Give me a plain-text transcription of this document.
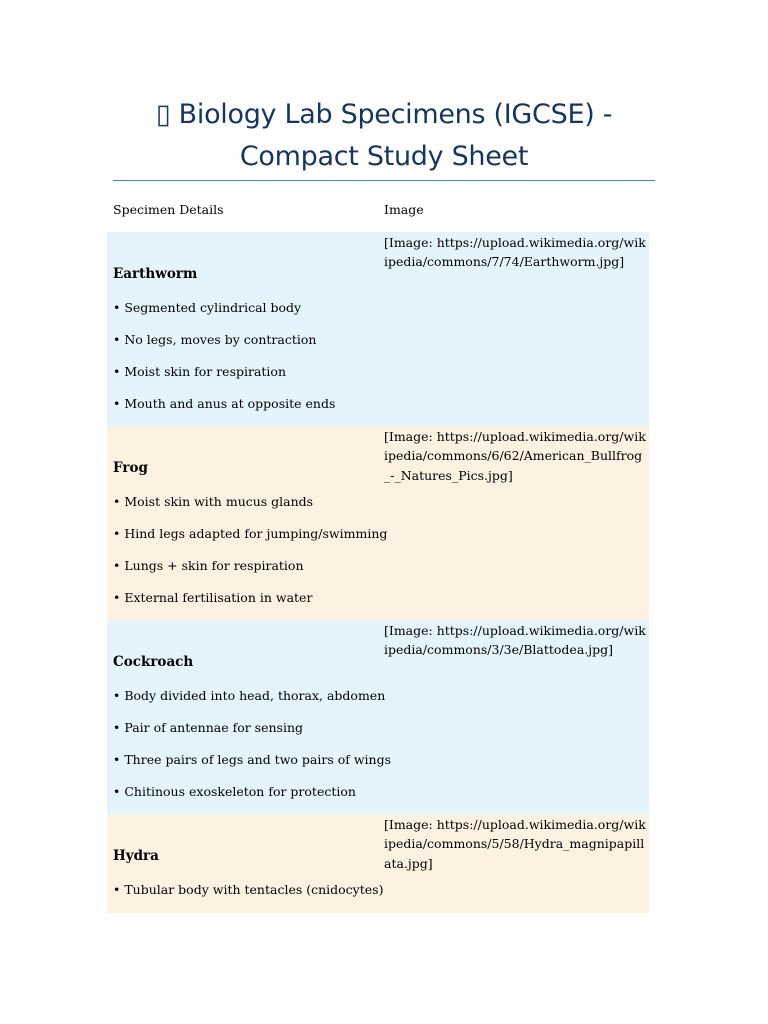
▯ Biology Lab Specimens (IGCSE) -
Compact Study Sheet
Specimen Details	Image
Earthworm
• Segmented cylindrical body
• No legs, moves by contraction
• Moist skin for respiration
• Mouth and anus at opposite ends
[Image: https://upload.wikimedia.org/wikipedia/commons/7/74/Earthworm.jpg]
Frog
• Moist skin with mucus glands
• Hind legs adapted for jumping/swimming
• Lungs + skin for respiration
• External fertilisation in water
[Image: https://upload.wikimedia.org/wikipedia/commons/6/62/American_Bullfrog_-_Natures_Pics.jpg]
Cockroach
• Body divided into head, thorax, abdomen
• Pair of antennae for sensing
• Three pairs of legs and two pairs of wings
• Chitinous exoskeleton for protection
[Image: https://upload.wikimedia.org/wikipedia/commons/3/3e/Blattodea.jpg]
Hydra
• Tubular body with tentacles (cnidocytes)
[Image: https://upload.wikimedia.org/wikipedia/commons/5/58/Hydra_magnipapillata.jpg]
